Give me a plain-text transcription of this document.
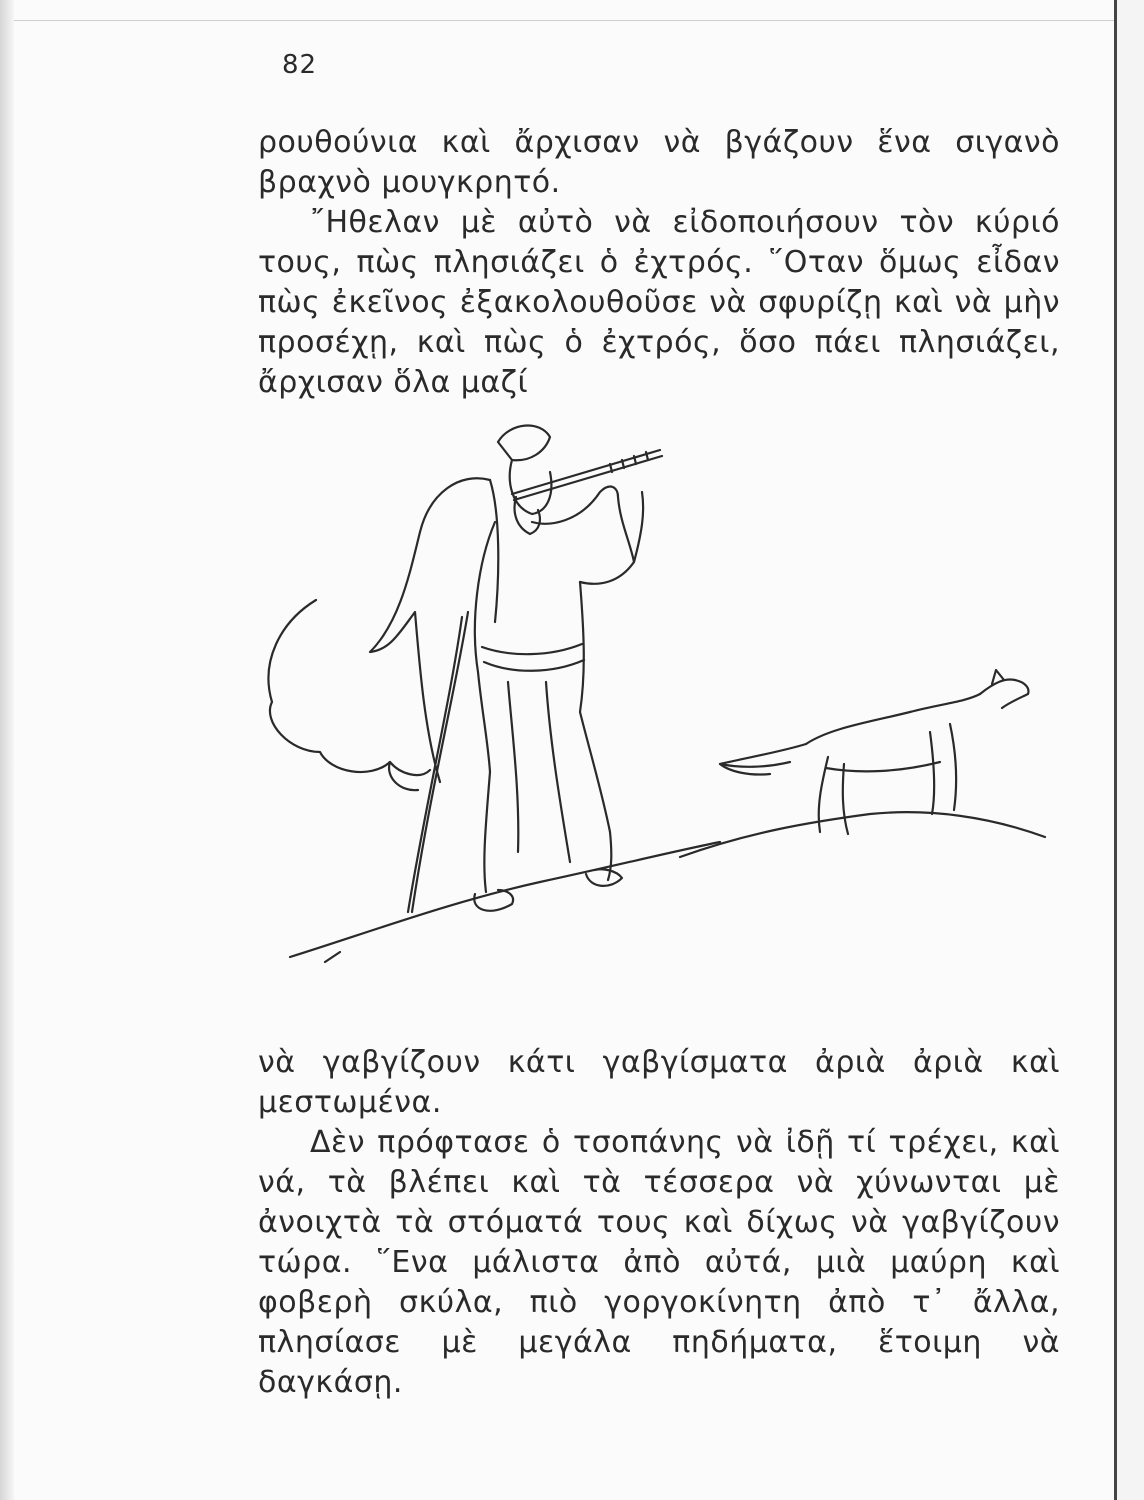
82

ρουθούνια καὶ ἄρχισαν νὰ βγάζουν ἕνα σιγανὸ βραχνὸ μουγκρητό.

῎Ηθελαν μὲ αὐτὸ νὰ εἰδοποιήσουν τὸν κύριό τους, πὼς πλησιάζει ὁ ἐχτρός. ῞Οταν ὅμως εἶδαν πὼς ἐκεῖνος ἐξακολουθοῦσε νὰ σφυρίζῃ καὶ νὰ μὴν προσέχῃ, καὶ πὼς ὁ ἐχτρός, ὅσο πάει πλησιάζει, ἄρχισαν ὅλα μαζί

νὰ γαβγίζουν κάτι γαβγίσματα ἀριὰ ἀριὰ καὶ μεστωμένα.

Δὲν πρόφτασε ὁ τσοπάνης νὰ ἰδῇ τί τρέχει, καὶ νά, τὰ βλέπει καὶ τὰ τέσσερα νὰ χύνωνται μὲ ἀνοιχτὰ τὰ στόματά τους καὶ δίχως νὰ γαβγίζουν τώρα. ῞Ενα μάλιστα ἀπὸ αὐτά, μιὰ μαύρη καὶ φοβερὴ σκύλα, πιὸ γοργοκίνητη ἀπὸ τ᾿ ἄλλα, πλησίασε μὲ μεγάλα πηδήματα, ἕτοιμη νὰ δαγκάσῃ.
